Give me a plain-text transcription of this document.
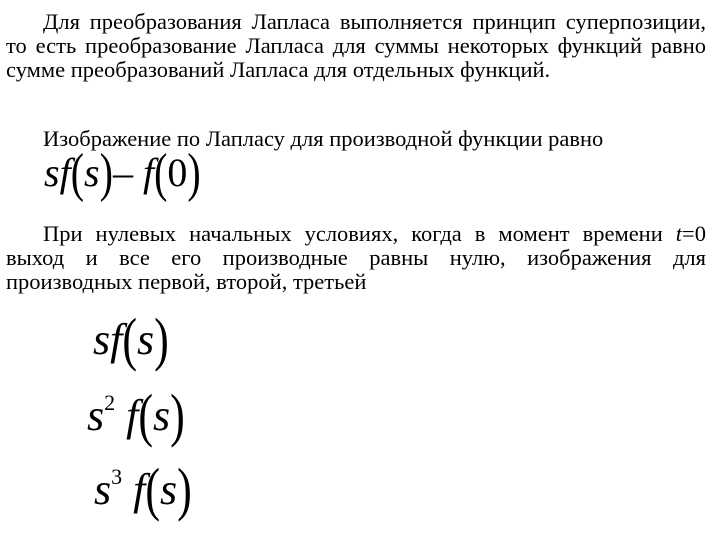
Для преобразования Лапласа выполняется принцип суперпозиции, то есть преобразование Лапласа для суммы некоторых функций равно сумме преобразований Лапласа для отдельных функций.
Изображение по Лапласу для производной функции равно
sf(s)– f(0)
При нулевых начальных условиях, когда в момент времени t=0 выход и все его производные равны нулю, изображения для производных первой, второй, третьей
sf(s)
$s^2$ f(s)
$s^3$ f(s)
